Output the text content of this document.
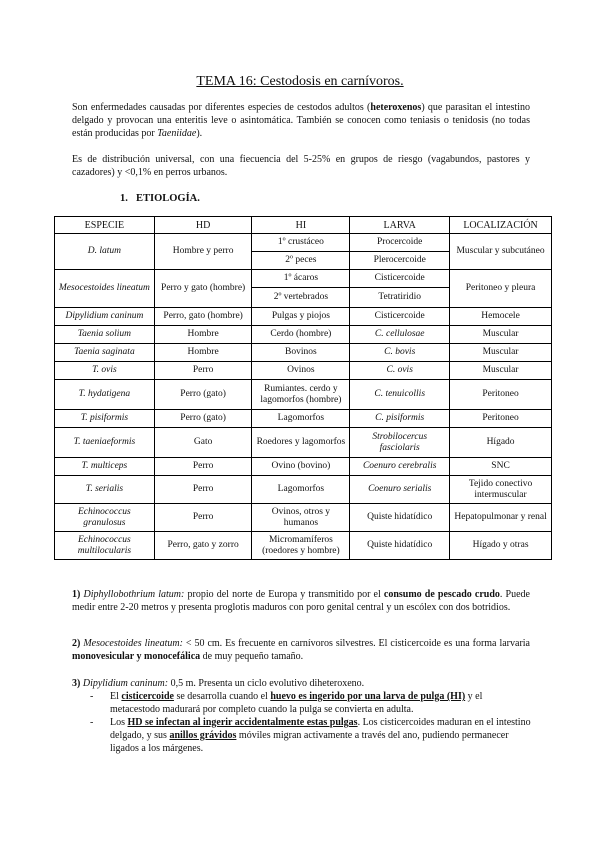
TEMA 16: Cestodosis en carnívoros.
Son enfermedades causadas por diferentes especies de cestodos adultos (heteroxenos) que parasitan el intestino delgado y provocan una enteritis leve o asintomática. También se conocen como teniasis o tenidosis (no todas están producidas por Taeniidae).
Es de distribución universal, con una fiecuencia del 5-25% en grupos de riesgo (vagabundos, pastores y cazadores) y <0,1% en perros urbanos.
1. ETIOLOGÍA.
ESPECIE	HD	HI	LARVA	LOCALIZACIÓN
D. latum	Hombre y perro	1º crustáceo	Procercoide	Muscular y subcutáneo
		2º peces	Plerocercoide	
Mesocestoides lineatum	Perro y gato (hombre)	1º ácaros	Cisticercoide	Peritoneo y pleura
		2º vertebrados	Tetratiridio	
Dipylidium caninum	Perro, gato (hombre)	Pulgas y piojos	Cisticercoide	Hemocele
Taenia solium	Hombre	Cerdo (hombre)	C. cellulosae	Muscular
Taenia saginata	Hombre	Bovinos	C. bovis	Muscular
T. ovis	Perro	Ovinos	C. ovis	Muscular
T. hydatigena	Perro (gato)	Rumiantes. cerdo y lagomorfos (hombre)	C. tenuicollis	Peritoneo
T. pisiformis	Perro (gato)	Lagomorfos	C. pisiformis	Peritoneo
T. taeniaeformis	Gato	Roedores y lagomorfos	Strobilocercus fasciolaris	Hígado
T. multiceps	Perro	Ovino (bovino)	Coenuro cerebralis	SNC
T. serialis	Perro	Lagomorfos	Coenuro serialis	Tejido conectivo intermuscular
Echinococcus granulosus	Perro	Ovinos, otros y humanos	Quiste hidatídico	Hepatopulmonar y renal
Echinococcus multilocularis	Perro, gato y zorro	Micromamíferos (roedores y hombre)	Quiste hidatídico	Hígado y otras
1) Diphyllobothrium latum: propio del norte de Europa y transmitido por el consumo de pescado crudo. Puede medir entre 2-20 metros y presenta proglotis maduros con poro genital central y un escólex con dos botridios.
2) Mesocestoides lineatum: < 50 cm. Es frecuente en carnívoros silvestres. El cisticercoide es una forma larvaria monovesicular y monocefálica de muy pequeño tamaño.
3) Dipylidium caninum: 0,5 m. Presenta un ciclo evolutivo diheteroxeno.
- El cisticercoide se desarrolla cuando el huevo es ingerido por una larva de pulga (HI) y el metacestodo madurará por completo cuando la pulga se convierta en adulta.
- Los HD se infectan al ingerir accidentalmente estas pulgas. Los cisticercoides maduran en el intestino delgado, y sus anillos grávidos móviles migran activamente a través del ano, pudiendo permanecer ligados a los márgenes.
